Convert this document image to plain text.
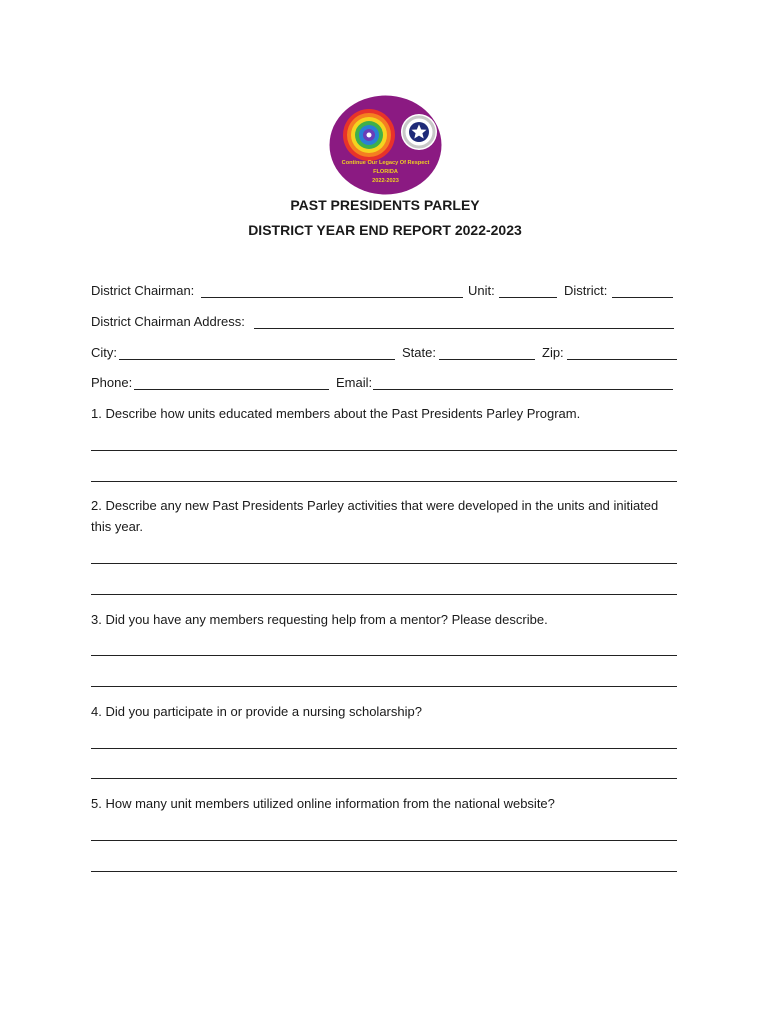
Continue Our Legacy Of Respect
FLORIDA
2022-2023
PAST PRESIDENTS PARLEY
DISTRICT YEAR END REPORT 2022-2023
District Chairman:	Unit:	District:
District Chairman Address:
City:	State:	Zip:
Phone:	Email:
1. Describe how units educated members about the Past Presidents Parley Program.
2. Describe any new Past Presidents Parley activities that were developed in the units and initiated this year.
3. Did you have any members requesting help from a mentor? Please describe.
4. Did you participate in or provide a nursing scholarship?
5. How many unit members utilized online information from the national website?
